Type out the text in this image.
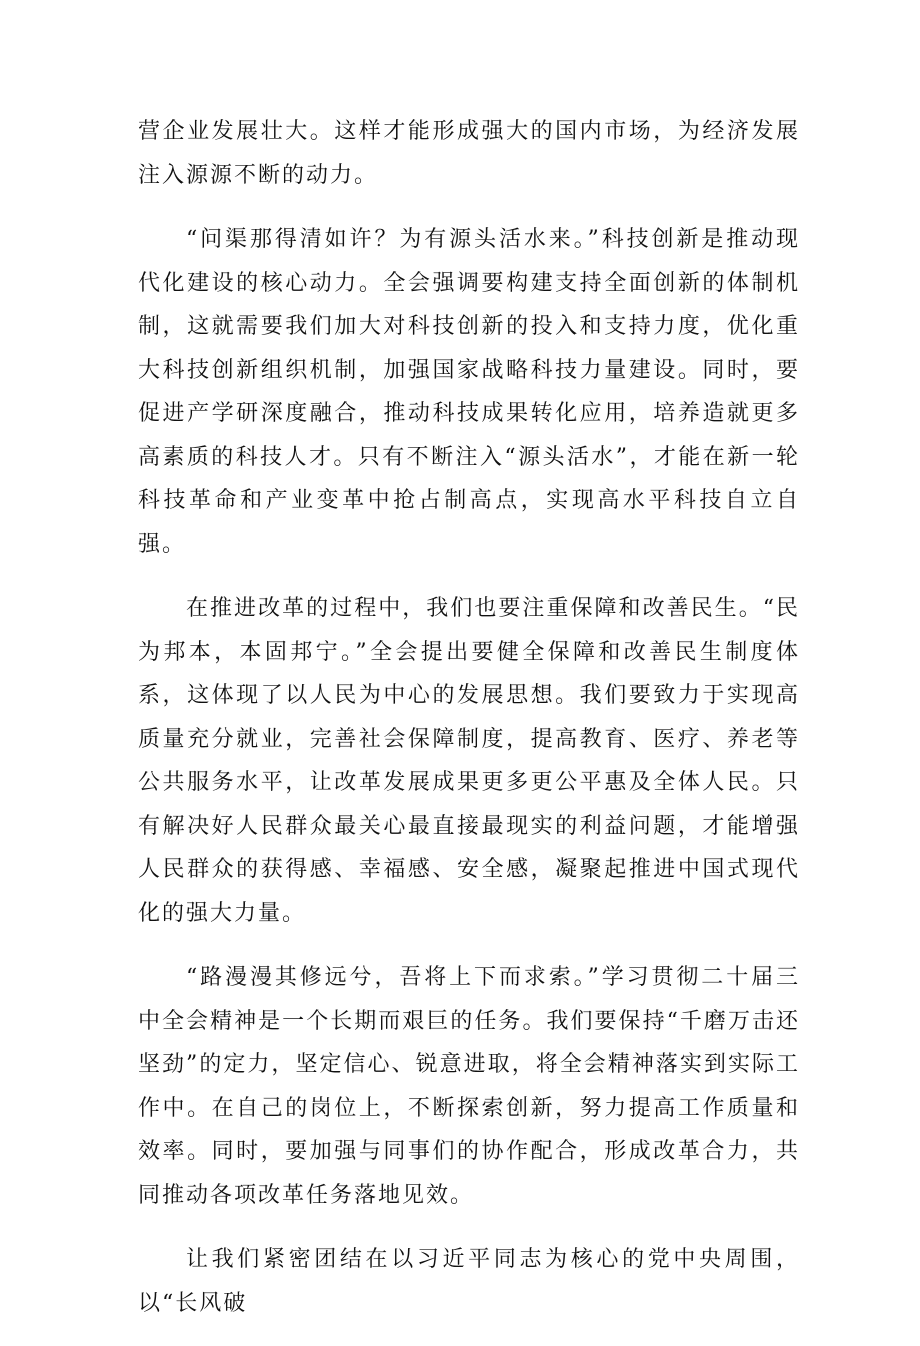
营企业发展壮大。这样才能形成强大的国内市场，为经济发展注入源源不断的动力。

“问渠那得清如许？为有源头活水来。”科技创新是推动现代化建设的核心动力。全会强调要构建支持全面创新的体制机制，这就需要我们加大对科技创新的投入和支持力度，优化重大科技创新组织机制，加强国家战略科技力量建设。同时，要促进产学研深度融合，推动科技成果转化应用，培养造就更多高素质的科技人才。只有不断注入“源头活水”，才能在新一轮科技革命和产业变革中抢占制高点，实现高水平科技自立自强。

在推进改革的过程中，我们也要注重保障和改善民生。“民为邦本，本固邦宁。”全会提出要健全保障和改善民生制度体系，这体现了以人民为中心的发展思想。我们要致力于实现高质量充分就业，完善社会保障制度，提高教育、医疗、养老等公共服务水平，让改革发展成果更多更公平惠及全体人民。只有解决好人民群众最关心最直接最现实的利益问题，才能增强人民群众的获得感、幸福感、安全感，凝聚起推进中国式现代化的强大力量。

“路漫漫其修远兮，吾将上下而求索。”学习贯彻二十届三中全会精神是一个长期而艰巨的任务。我们要保持“千磨万击还坚劲”的定力，坚定信心、锐意进取，将全会精神落实到实际工作中。在自己的岗位上，不断探索创新，努力提高工作质量和效率。同时，要加强与同事们的协作配合，形成改革合力，共同推动各项改革任务落地见效。

让我们紧密团结在以习近平同志为核心的党中央周围，以“长风破
